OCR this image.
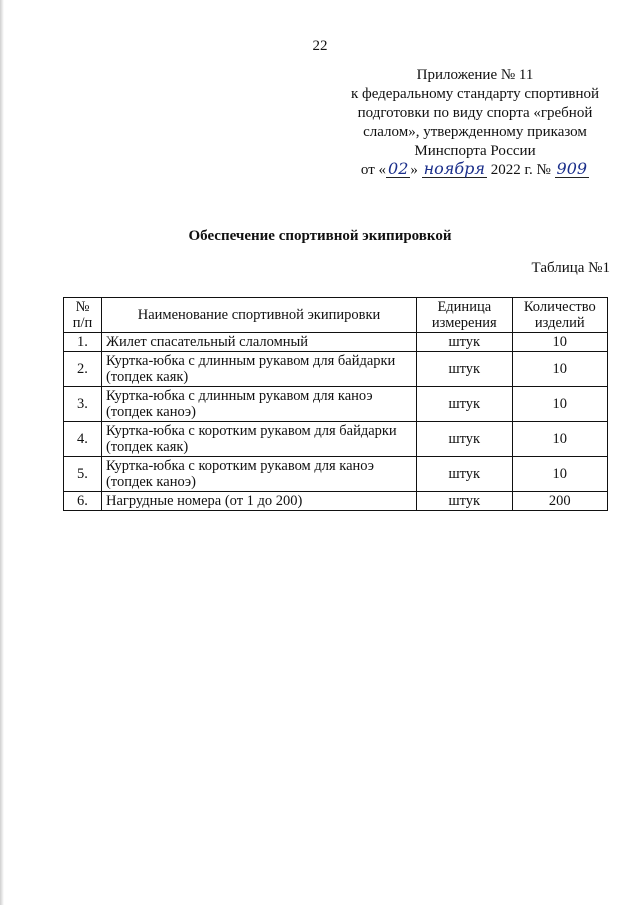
22
Приложение № 11
к федеральному стандарту спортивной
подготовки по виду спорта «гребной
слалом», утвержденному приказом
Минспорта России
от « 02 » ноября 2022 г. № 909
Обеспечение спортивной экипировкой
Таблица №1
№ п/п	Наименование спортивной экипировки	Единица измерения	Количество изделий
1.	Жилет спасательный слаломный	штук	10
2.	Куртка-юбка с длинным рукавом для байдарки (топдек каяк)	штук	10
3.	Куртка-юбка с длинным рукавом для каноэ (топдек каноэ)	штук	10
4.	Куртка-юбка с коротким рукавом для байдарки (топдек каяк)	штук	10
5.	Куртка-юбка с коротким рукавом для каноэ (топдек каноэ)	штук	10
6.	Нагрудные номера (от 1 до 200)	штук	200
